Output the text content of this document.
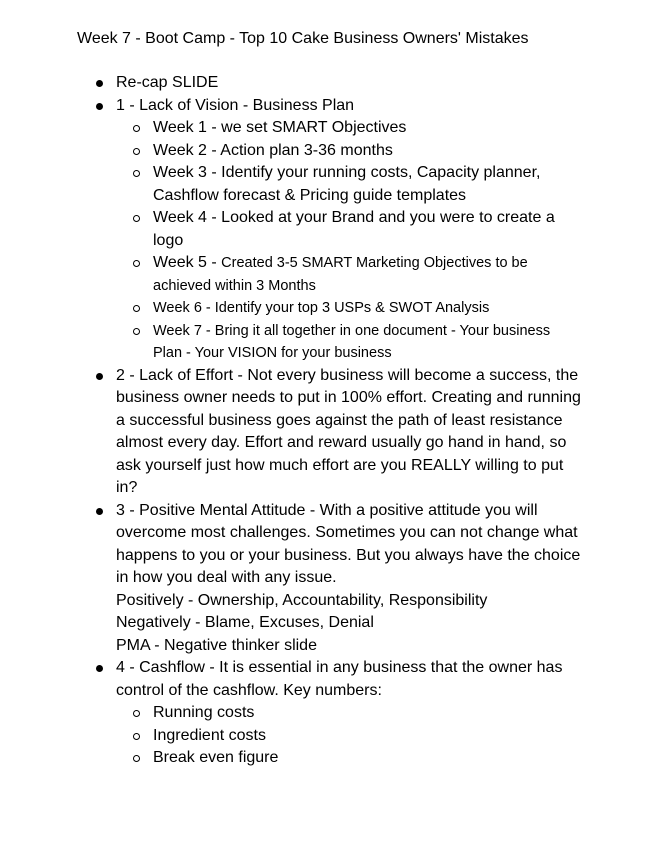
Week 7 - Boot Camp - Top 10 Cake Business Owners' Mistakes
Re-cap SLIDE
1 - Lack of Vision - Business Plan
Week 1 - we set SMART Objectives
Week 2 - Action plan 3-36 months
Week 3 - Identify your running costs, Capacity planner, Cashflow forecast & Pricing guide templates
Week 4 - Looked at your Brand and you were to create a logo
Week 5 - Created 3-5 SMART Marketing Objectives to be achieved within 3 Months
Week 6 - Identify your top 3 USPs & SWOT Analysis
Week 7 - Bring it all together in one document - Your business Plan - Your VISION for your business
2 - Lack of Effort - Not every business will become a success, the business owner needs to put in 100% effort. Creating and running a successful business goes against the path of least resistance almost every day. Effort and reward usually go hand in hand, so ask yourself just how much effort are you REALLY willing to put in?
3 - Positive Mental Attitude - With a positive attitude you will overcome most challenges. Sometimes you can not change what happens to you or your business. But you always have the choice in how you deal with any issue.
Positively - Ownership, Accountability, Responsibility
Negatively - Blame, Excuses, Denial
PMA - Negative thinker slide
4 - Cashflow - It is essential in any business that the owner has control of the cashflow. Key numbers:
Running costs
Ingredient costs
Break even figure
